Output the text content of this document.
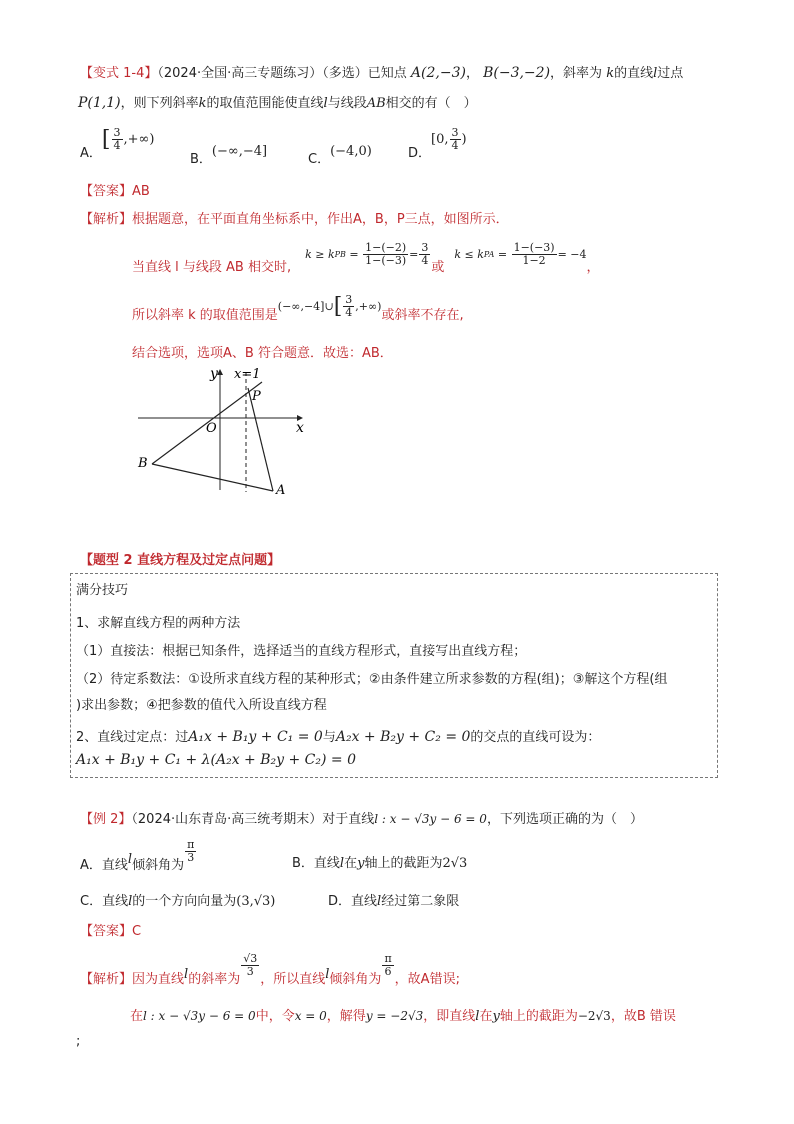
【变式 1-4】（2024·全国·高三专题练习）（多选）已知点 A(2,−3)， B(−3,−2)，斜率为 k的直线l过点
P(1,1)，则下列斜率k的取值范围能使直线l与线段AB相交的有（　）
A．[ $\frac{3}{4}$ ,+∞)
B．(−∞,−4]
C．(−4,0)	D．[0, $\frac{3}{4}$ )
【答案】AB
【解析】根据题意，在平面直角坐标系中，作出A，B，P三点，如图所示．
当直线 l 与线段 AB 相交时,
k ≥ k PB = $\frac{1-(-2)}{1-(-3)} = \frac{3}{4}$
或
k ≤ k PA = $\frac{1-(-3)}{1-2} = -4$
，
所以斜率 k 的取值范围是
(−∞,−4]∪ [ $\frac{3}{4}$ ,+∞)
或斜率不存在,
结合选项，选项A、B 符合题意．故选：AB．
y x=1
P
x
O
B
A
【题型 2 直线方程及过定点问题】
满分技巧
1、求解直线方程的两种方法
（1）直接法：根据已知条件，选择适当的直线方程形式，直接写出直线方程；
（2）待定系数法：①设所求直线方程的某种形式；②由条件建立所求参数的方程(组)；③解这个方程(组
)求出参数；④把参数的值代入所设直线方程
2、直线过定点：过A₁x + B₁y + C₁ = 0与A₂x + B₂y + C₂ = 0的交点的直线可设为：
A₁x + B₁y + C₁ + λ(A₂x + B₂y + C₂) = 0
【例 2】（2024·山东青岛·高三统考期末）对于直线l : x − √3y − 6 = 0，下列选项正确的为（　）
A．直线 l 倾斜角为
$\frac{\pi}{3}$	B．直线l在y轴上的截距为2√3
C．直线l的一个方向向量为(3,√3)	D．直线l经过第二象限
【答案】C
【解析】 因为直线 l 的斜率为
$\frac{√3}{3}$
，所以直线 l 倾斜角为
$\frac{\pi}{6}$
，故A错误;
在l : x − √3y − 6 = 0中，令x = 0，解得y = −2√3，即直线l在y轴上的截距为−2√3，故B 错误
;
